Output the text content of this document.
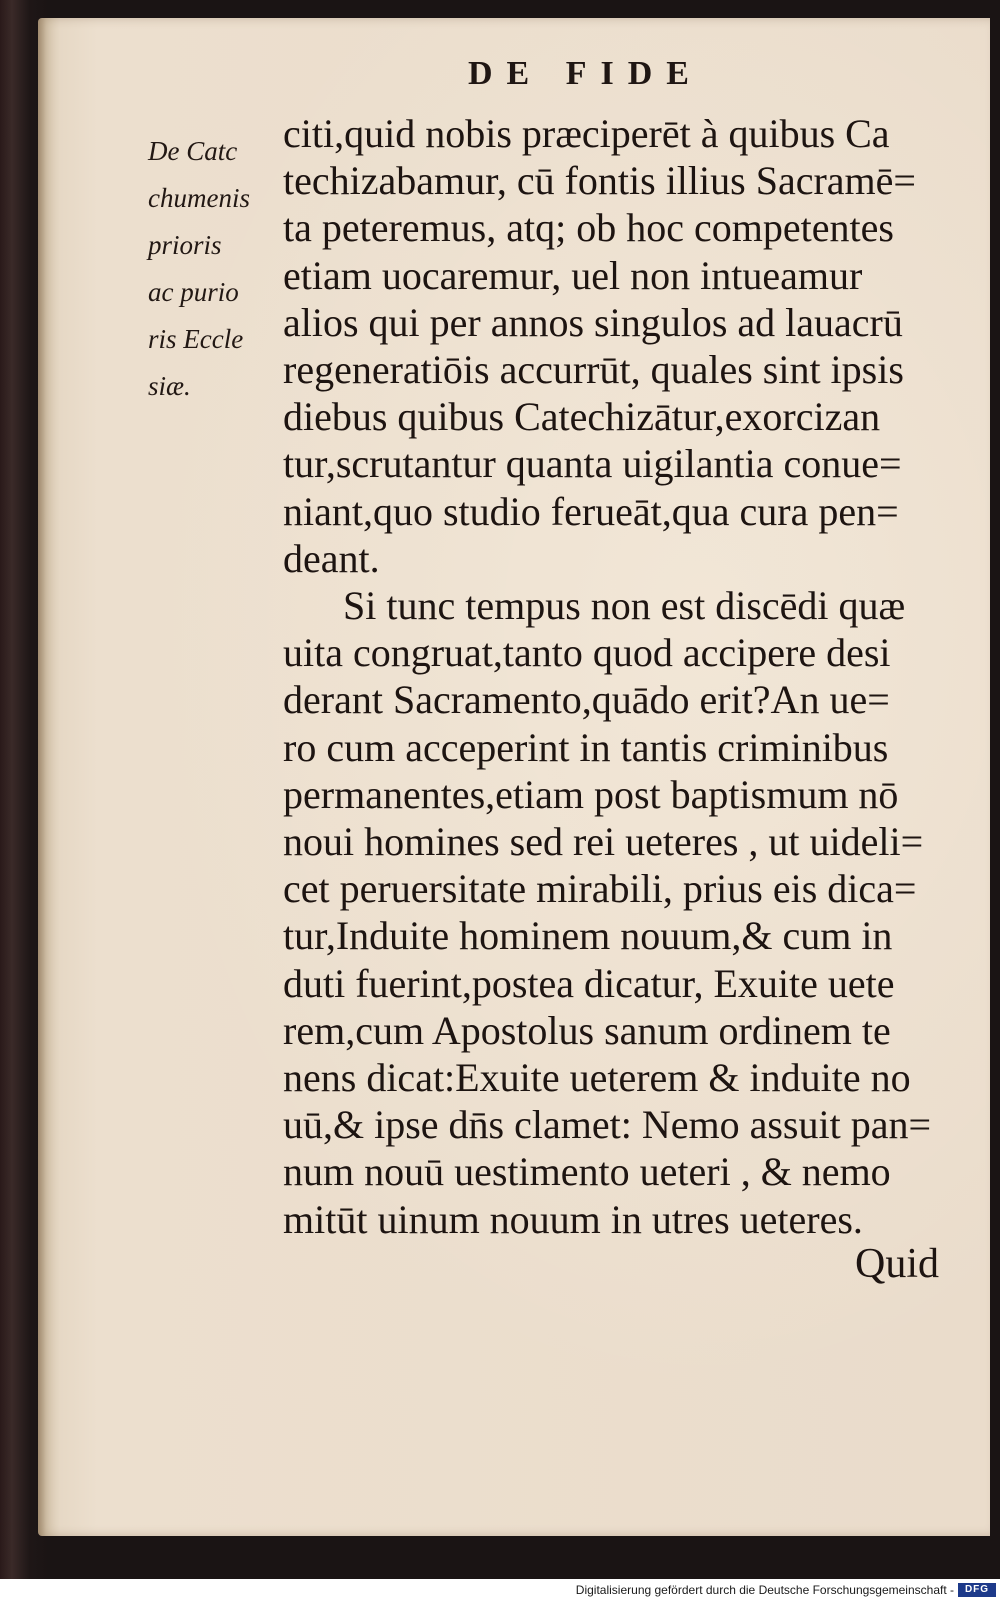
DE FIDE
De Catc
chumenis
prioris
ac purio
ris Eccle
siæ.
citi,quid nobis præciperēt à quibus Ca
techizabamur, cū fontis illius Sacramē=
ta peteremus, atq; ob hoc competentes
etiam uocaremur, uel non intueamur
alios qui per annos singulos ad lauacrū
regeneratiōis accurrūt, quales sint ipsis
diebus quibus Catechizātur,exorcizan
tur,scrutantur quanta uigilantia conue=
niant,quo studio ferueāt,qua cura pen=
deant.
Si tunc tempus non est discēdi quæ
uita congruat,tanto quod accipere desi
derant Sacramento,quādo erit?An ue=
ro cum acceperint in tantis criminibus
permanentes,etiam post baptismum nō
noui homines sed rei ueteres , ut uideli=
cet peruersitate mirabili, prius eis dica=
tur,Induite hominem nouum,& cum in
duti fuerint,postea dicatur, Exuite uete
rem,cum Apostolus sanum ordinem te
nens dicat:Exuite ueterem & induite no
uū,& ipse dn̄s clamet: Nemo assuit pan=
num nouū uestimento ueteri , & nemo
mitūt uinum nouum in utres ueteres.
Quid
Digitalisierung gefördert durch die Deutsche Forschungsgemeinschaft -	DFG
